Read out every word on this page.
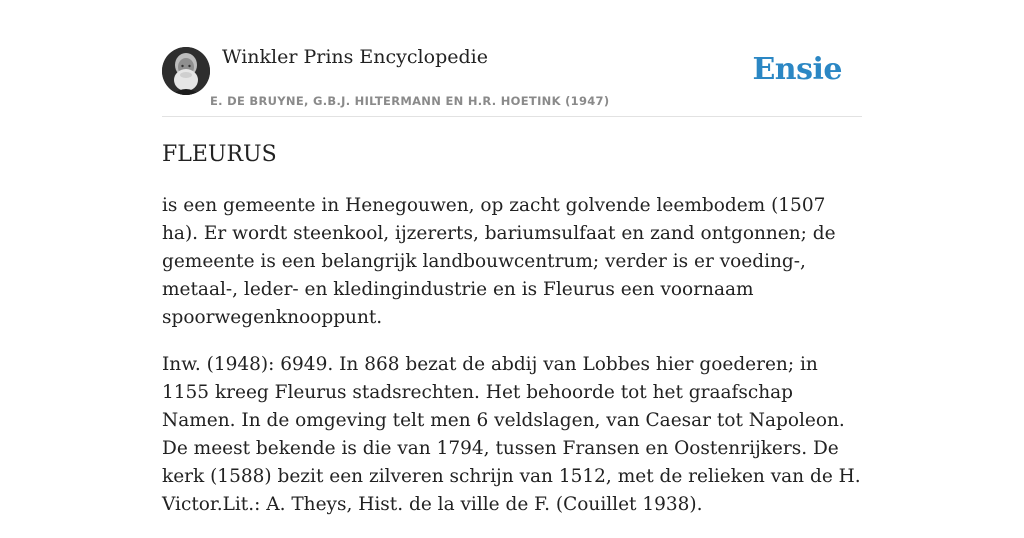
Winkler Prins Encyclopedie
E. DE BRUYNE, G.B.J. HILTERMANN EN H.R. HOETINK (1947)
Ensie
FLEURUS

is een gemeente in Henegouwen, op zacht golvende leembodem (1507 ha). Er wordt steenkool, ijzererts, bariumsulfaat en zand ontgonnen; de gemeente is een belangrijk landbouwcentrum; verder is er voeding-, metaal-, leder- en kledingindustrie en is Fleurus een voornaam spoorwegenknooppunt.

Inw. (1948): 6949. In 868 bezat de abdij van Lobbes hier goederen; in 1155 kreeg Fleurus stadsrechten. Het behoorde tot het graafschap Namen. In de omgeving telt men 6 veldslagen, van Caesar tot Napoleon. De meest bekende is die van 1794, tussen Fransen en Oostenrijkers. De kerk (1588) bezit een zilveren schrijn van 1512, met de relieken van de H. Victor.Lit.: A. Theys, Hist. de la ville de F. (Couillet 1938).
